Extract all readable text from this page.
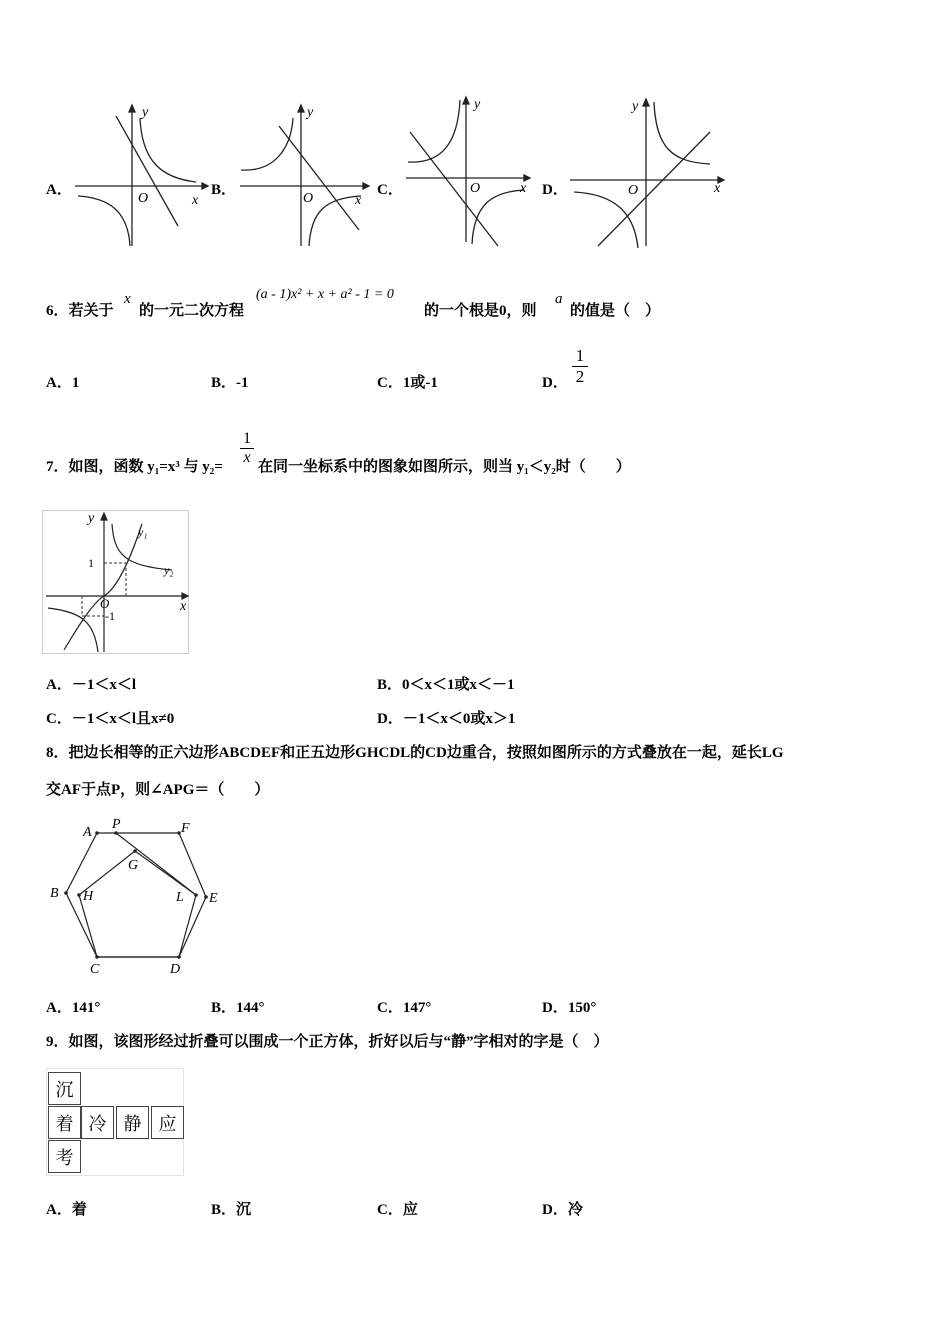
A．
y
x
O
B．
y
x
O
C．
y
x
O	D．
y
x
O
6．若关于
x
的一元二次方程
(a - 1)x² + x + a² - 1 = 0
的一个根是0，则
a
的值是（　）
A．1	B．-1	C．1或-1	D． $\frac{1}{2}$
7．如图，函数 y₁=x³ 与 $y_2= \frac{1}{x}$ 在同一坐标系中的图象如图所示，则当 y₁＜y₂时（　　）
y
x
y₁
y₂
1
-1
O
A．－1＜x＜l	B．0＜x＜1或x＜－1
C．－1＜x＜l且x≠0	D．－1＜x＜0或x＞1
8．把边长相等的正六边形ABCDEF和正五边形GHCDL的CD边重合，按照如图所示的方式叠放在一起，延长LG
交AF于点P，则∠APG＝（　　）
A
P	F
G
B H	L E
C	D
A．141°	B．144°	C．147°	D．150°
9．如图，该图形经过折叠可以围成一个正方体，折好以后与“静”字相对的字是（　）
沉
着 冷 静 应
考
A．着	B．沉	C．应	D．冷
